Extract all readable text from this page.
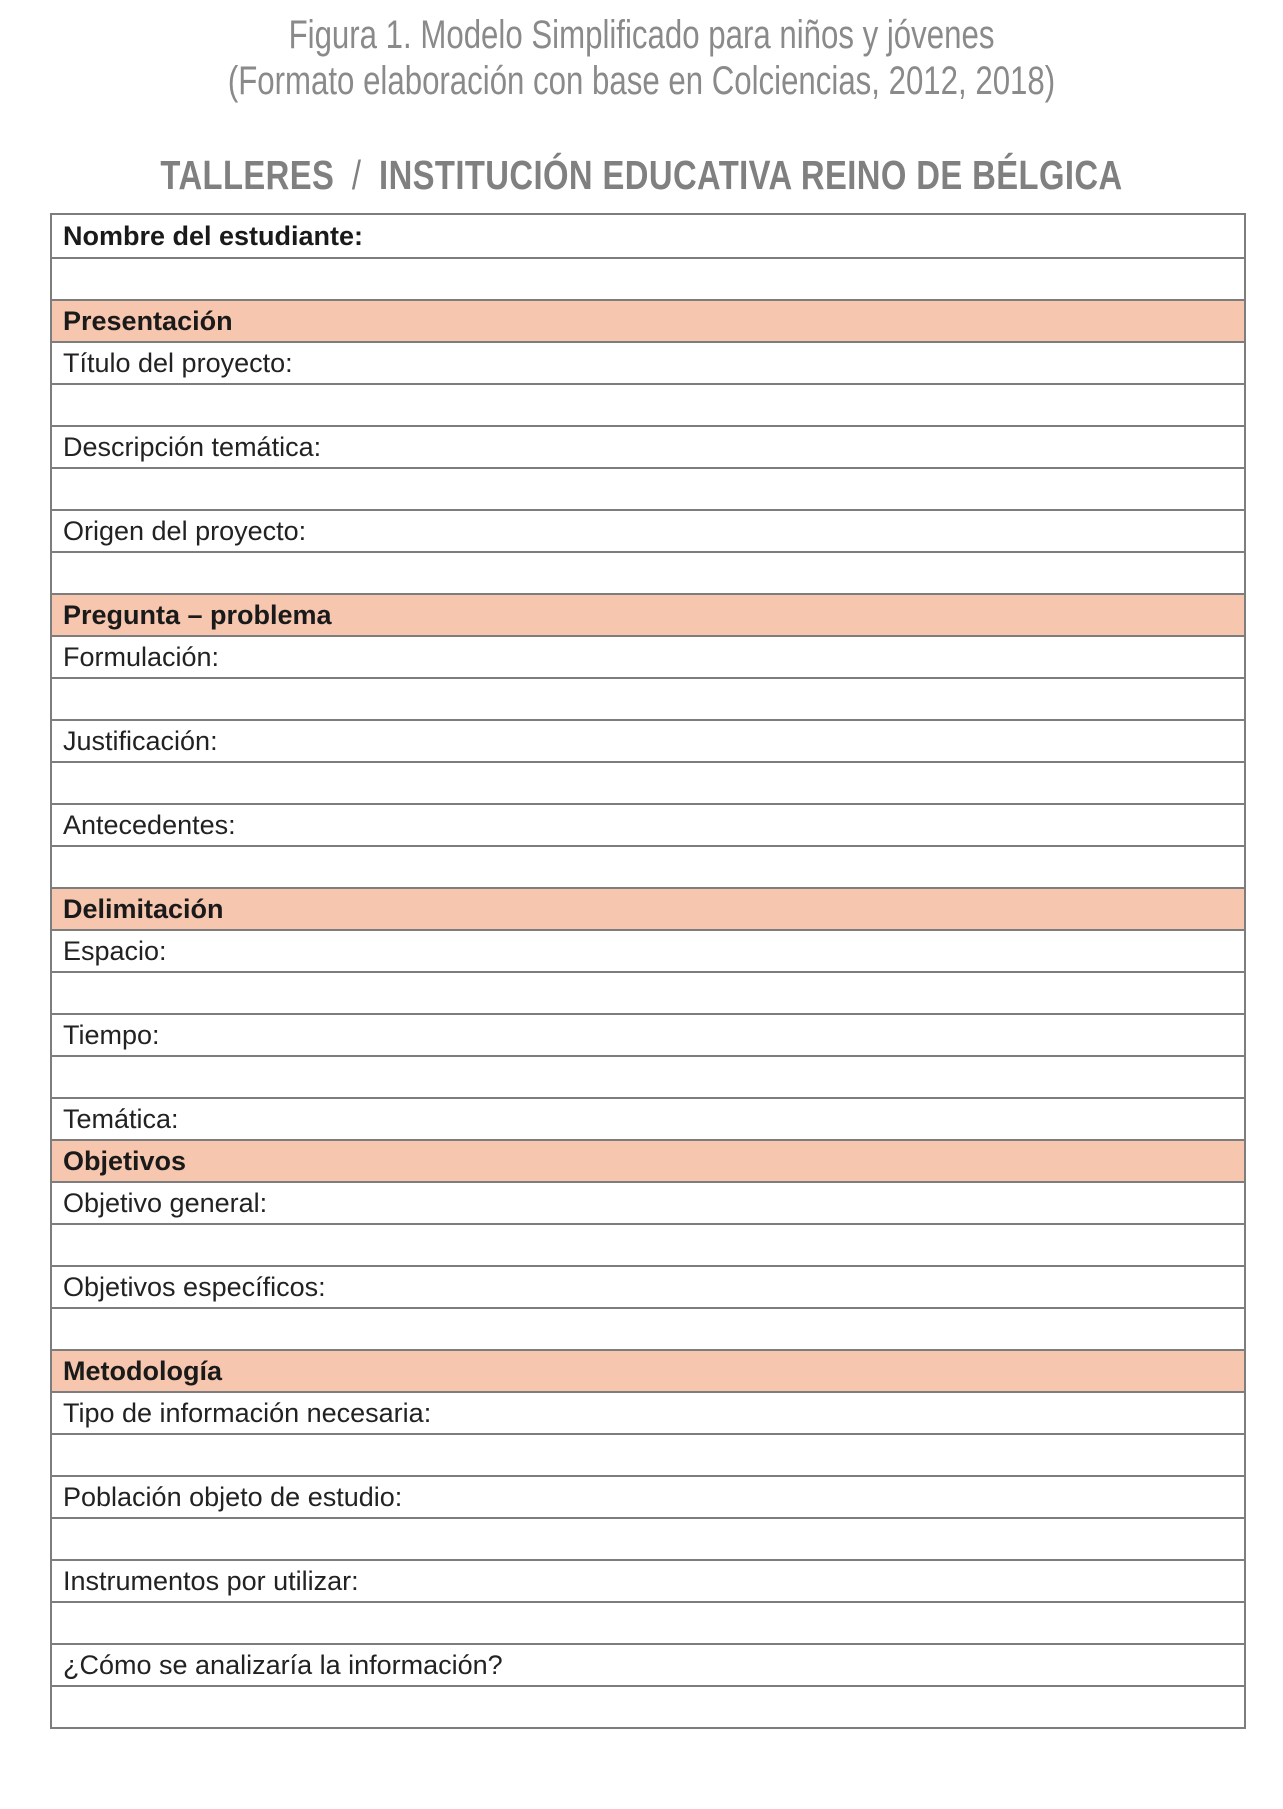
Figura 1. Modelo Simplificado para niños y jóvenes
(Formato elaboración con base en Colciencias, 2012, 2018)
TALLERES / INSTITUCIÓN EDUCATIVA REINO DE BÉLGICA
Nombre del estudiante:

Presentación
Título del proyecto:

Descripción temática:

Origen del proyecto:

Pregunta – problema
Formulación:

Justificación:

Antecedentes:

Delimitación
Espacio:

Tiempo:

Temática:
Objetivos
Objetivo general:

Objetivos específicos:

Metodología
Tipo de información necesaria:

Población objeto de estudio:

Instrumentos por utilizar:

¿Cómo se analizaría la información?
